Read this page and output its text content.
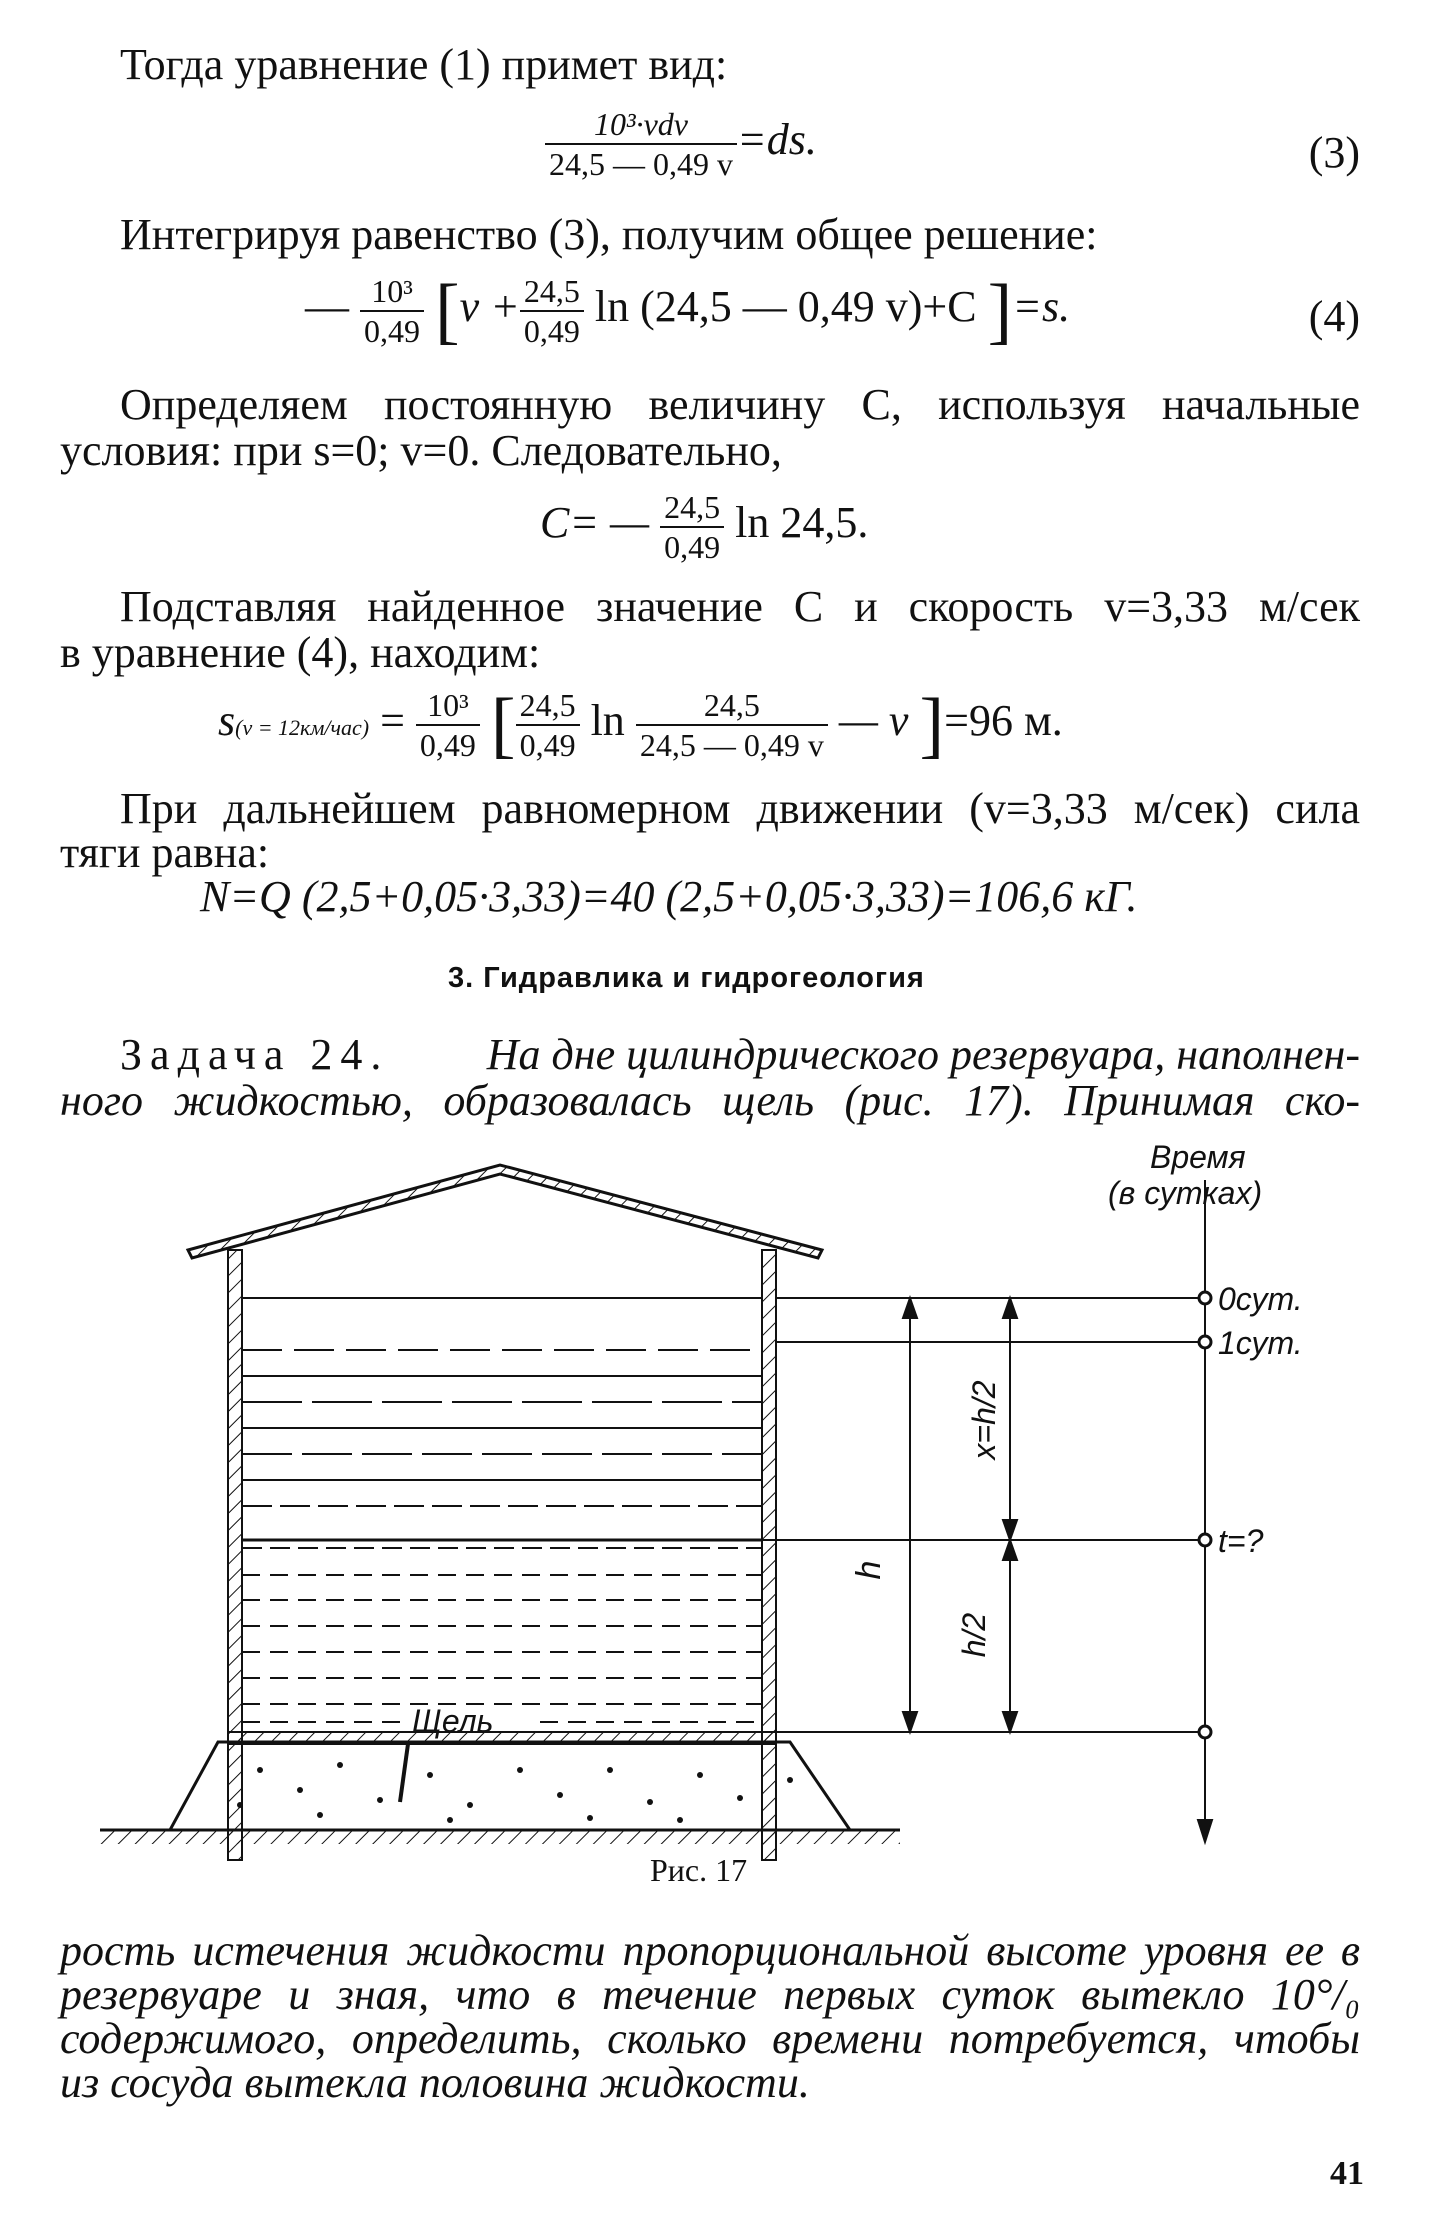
Тогда уравнение (1) примет вид:
$\frac{\text{10³·vdv}}{24,5 — 0,49 v} =ds$.	(3)
Интегрируя равенство (3), получим общее решение:
— $\frac{\text{10³}}{0,49} [v + \frac{24,5}{0,49}$ ln (24,5 — 0,49 v)+C ]=s.	(4)
Определяем постоянную величину C, используя начальные
условия: при s=0; v=0. Следовательно,
C= — $\frac{24,5}{0,49}$ ln 24,5.
Подставляя найденное значение C и скорость v=3,33 м/сек
в уравнение (4), находим:
$s(v = 12км/час) = \frac{\text{10³}}{0,49}$ [ $\frac{24,5}{0,49}$ $\ln \frac{24,5}{24,5 — 0,49 v}$ — v ]=96 м.
При дальнейшем равномерном движении (v=3,33 м/сек) сила
тяги равна:
N=Q (2,5+0,05·3,33)=40 (2,5+0,05·3,33)=106,6 кГ.
3. Гидравлика и гидрогеология
Задача 24. На дне цилиндрического резервуара, наполнен-
ного жидкостью, образовалась щель (рис. 17). Принимая ско-
Щель
h
x=h/2
h/2
Время
(в сутках)
0сут.
1сут.
t=?
Рис. 17
рость истечения жидкости пропорциональной высоте уровня ее в
резервуаре и зная, что в течение первых суток вытекло 10°/₀
содержимого, определить, сколько времени потребуется, чтобы
из сосуда вытекла половина жидкости.
41
